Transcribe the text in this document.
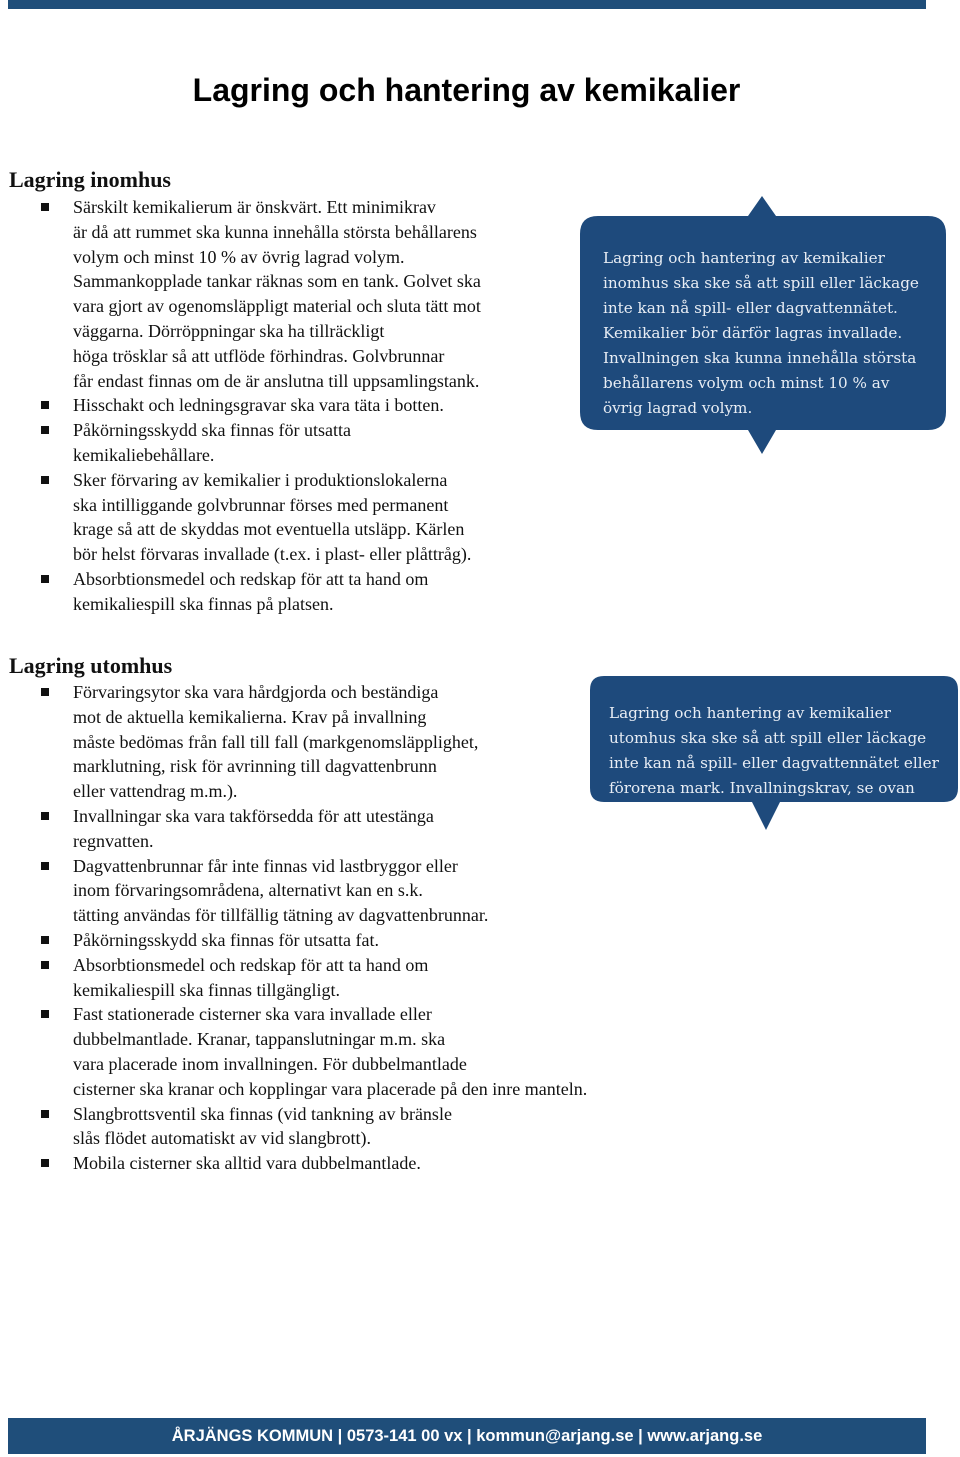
Lagring och hantering av kemikalier
Lagring inomhus
Särskilt kemikalierum är önskvärt. Ett minimikrav
är då att rummet ska kunna innehålla största behållarens
volym och minst 10 % av övrig lagrad volym.
Sammankopplade tankar räknas som en tank. Golvet ska
vara gjort av ogenomsläppligt material och sluta tätt mot
väggarna. Dörröppningar ska ha tillräckligt
höga trösklar så att utflöde förhindras. Golvbrunnar
får endast finnas om de är anslutna till uppsamlingstank.
Hisschakt och ledningsgravar ska vara täta i botten.
Påkörningsskydd ska finnas för utsatta
kemikaliebehållare.
Sker förvaring av kemikalier i produktionslokalerna
ska intilliggande golvbrunnar förses med permanent
krage så att de skyddas mot eventuella utsläpp. Kärlen
bör helst förvaras invallade (t.ex. i plast- eller plåttråg).
Absorbtionsmedel och redskap för att ta hand om
kemikaliespill ska finnas på platsen.
Lagring och hantering av kemikalier
inomhus ska ske så att spill eller läckage
inte kan nå spill- eller dagvattennätet.
Kemikalier bör därför lagras invallade.
Invallningen ska kunna innehålla största
behållarens volym och minst 10 % av
övrig lagrad volym.
Lagring utomhus
Förvaringsytor ska vara hårdgjorda och beständiga
mot de aktuella kemikalierna. Krav på invallning
måste bedömas från fall till fall (markgenomsläpplighet,
marklutning, risk för avrinning till dagvattenbrunn
eller vattendrag m.m.).
Invallningar ska vara takförsedda för att utestänga
regnvatten.
Dagvattenbrunnar får inte finnas vid lastbryggor eller
inom förvaringsområdena, alternativt kan en s.k.
tätting användas för tillfällig tätning av dagvattenbrunnar.
Påkörningsskydd ska finnas för utsatta fat.
Absorbtionsmedel och redskap för att ta hand om
kemikaliespill ska finnas tillgängligt.
Fast stationerade cisterner ska vara invallade eller
dubbelmantlade. Kranar, tappanslutningar m.m. ska
vara placerade inom invallningen. För dubbelmantlade
cisterner ska kranar och kopplingar vara placerade på den inre manteln.
Slangbrottsventil ska finnas (vid tankning av bränsle
slås flödet automatiskt av vid slangbrott).
Mobila cisterner ska alltid vara dubbelmantlade.
Lagring och hantering av kemikalier
utomhus ska ske så att spill eller läckage
inte kan nå spill- eller dagvattennätet eller
förorena mark. Invallningskrav, se ovan
ÅRJÄNGS KOMMUN | 0573-141 00 vx | kommun@arjang.se | www.arjang.se
